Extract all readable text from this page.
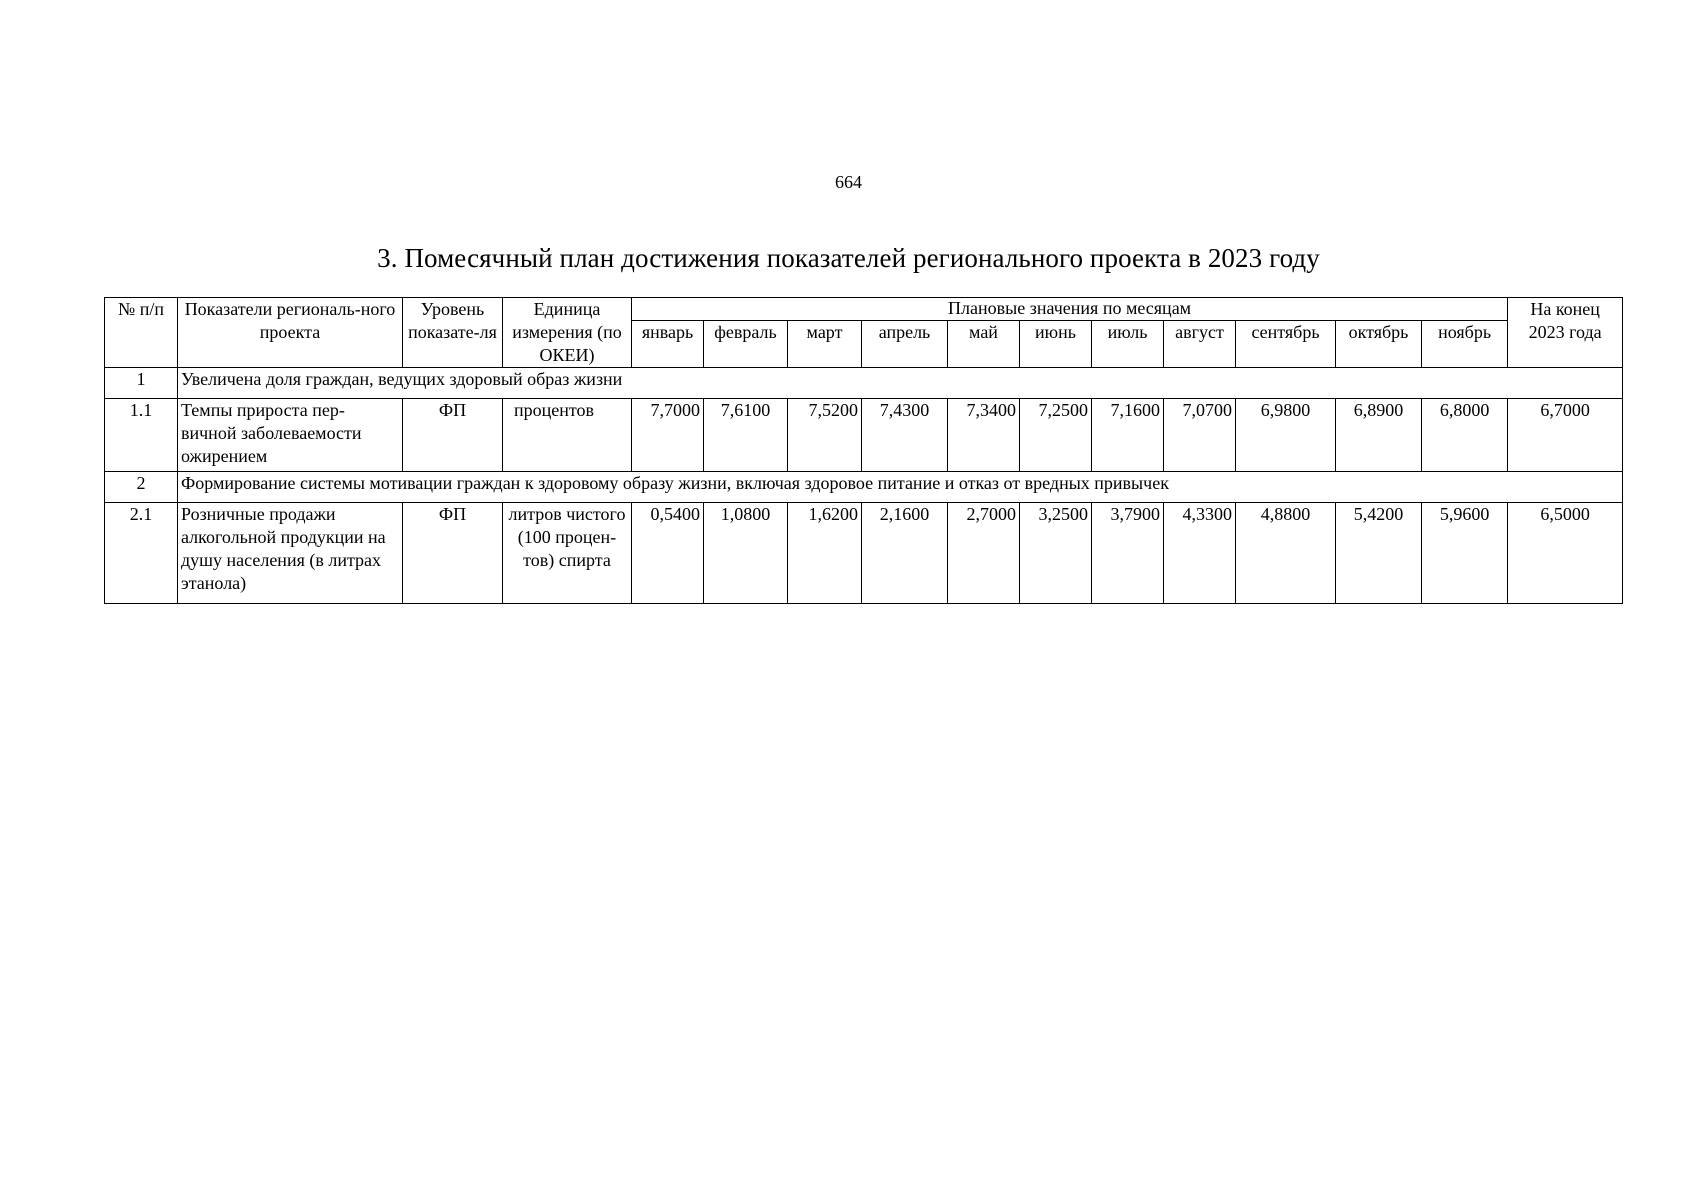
664
3. Помесячный план достижения показателей регионального проекта в 2023 году
№ п/п	Показатели региональ-ного проекта	Уровень показате-ля	Единица измерения (по ОКЕИ)	Плановые значения по месяцам											На конец 2023 года
				январь	февраль	март	апрель	май	июнь	июль	август	сентябрь	октябрь	ноябрь	
1	Увеличена доля граждан, ведущих здоровый образ жизни														
1.1	Темпы прироста пер-вичной заболеваемости ожирением	ФП	процентов	7,7000	7,6100	7,5200	7,4300	7,3400	7,2500	7,1600	7,0700	6,9800	6,8900	6,8000	6,7000
2	Формирование системы мотивации граждан к здоровому образу жизни, включая здоровое питание и отказ от вредных привычек														
2.1	Розничные продажи алкогольной продукции на душу населения (в литрах этанола)	ФП	литров чистого (100 процен-тов) спирта	0,5400	1,0800	1,6200	2,1600	2,7000	3,2500	3,7900	4,3300	4,8800	5,4200	5,9600	6,5000
